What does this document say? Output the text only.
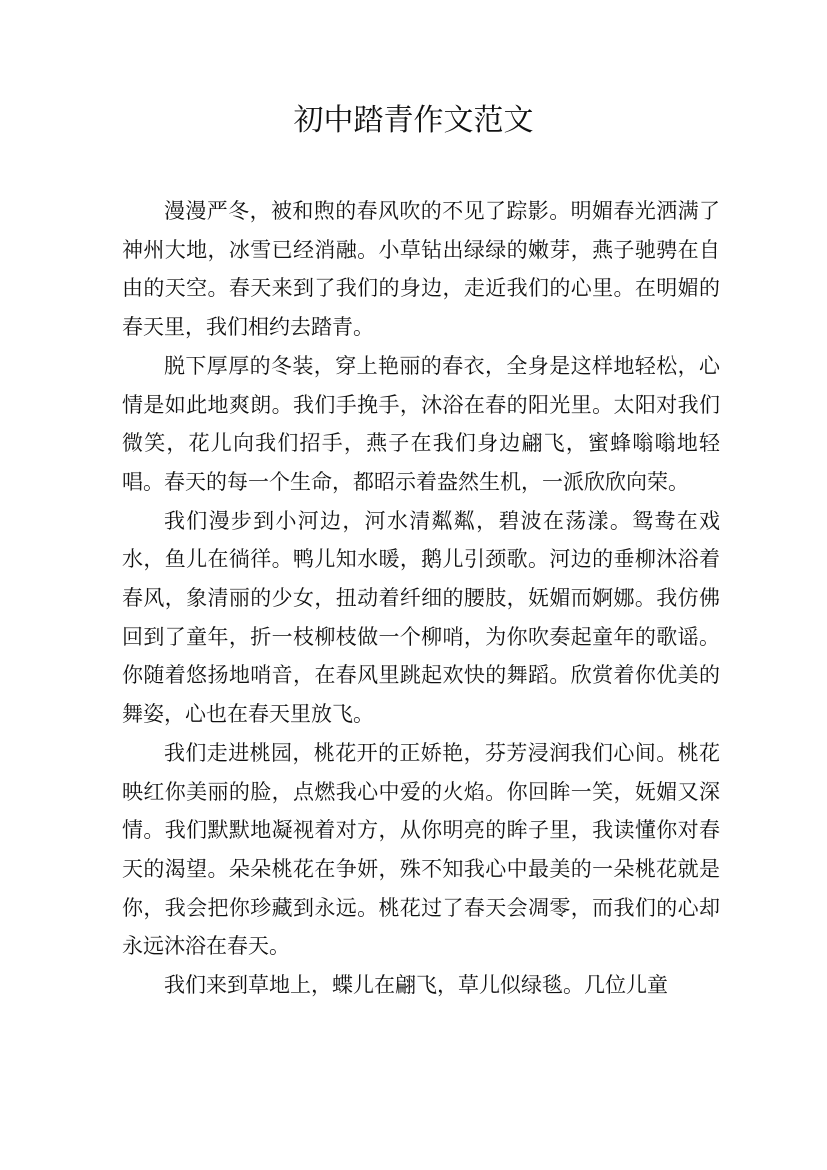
初中踏青作文范文

漫漫严冬，被和煦的春风吹的不见了踪影。明媚春光洒满了神州大地，冰雪已经消融。小草钻出绿绿的嫩芽，燕子驰骋在自由的天空。春天来到了我们的身边，走近我们的心里。在明媚的春天里，我们相约去踏青。

脱下厚厚的冬装，穿上艳丽的春衣，全身是这样地轻松，心情是如此地爽朗。我们手挽手，沐浴在春的阳光里。太阳对我们微笑，花儿向我们招手，燕子在我们身边翩飞，蜜蜂嗡嗡地轻唱。春天的每一个生命，都昭示着盎然生机，一派欣欣向荣。

我们漫步到小河边，河水清粼粼，碧波在荡漾。鸳鸯在戏水，鱼儿在徜徉。鸭儿知水暖，鹅儿引颈歌。河边的垂柳沐浴着春风，象清丽的少女，扭动着纤细的腰肢，妩媚而婀娜。我仿佛回到了童年，折一枝柳枝做一个柳哨，为你吹奏起童年的歌谣。你随着悠扬地哨音，在春风里跳起欢快的舞蹈。欣赏着你优美的舞姿，心也在春天里放飞。

我们走进桃园，桃花开的正娇艳，芬芳浸润我们心间。桃花映红你美丽的脸，点燃我心中爱的火焰。你回眸一笑，妩媚又深情。我们默默地凝视着对方，从你明亮的眸子里，我读懂你对春天的渴望。朵朵桃花在争妍，殊不知我心中最美的一朵桃花就是你，我会把你珍藏到永远。桃花过了春天会凋零，而我们的心却永远沐浴在春天。

我们来到草地上，蝶儿在翩飞，草儿似绿毯。几位儿童
